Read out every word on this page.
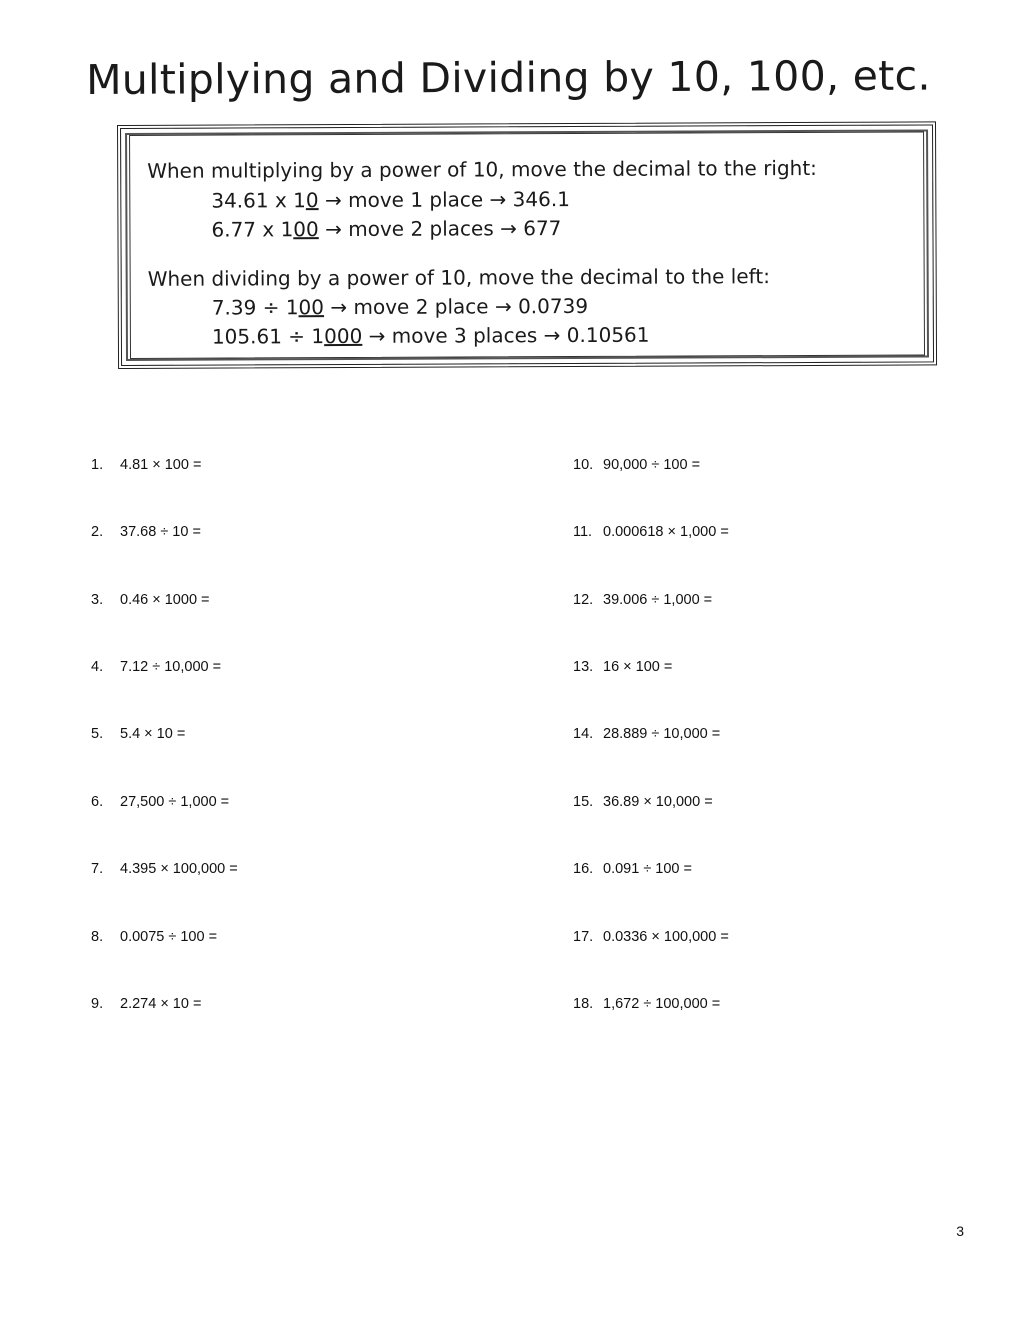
Multiplying and Dividing by 10, 100, etc.
When multiplying by a power of 10, move the decimal to the right:
34.61 x 10 → move 1 place → 346.1
6.77 x 100 → move 2 places → 677
When dividing by a power of 10, move the decimal to the left:
7.39 ÷ 100 → move 2 place → 0.0739
105.61 ÷ 1000 → move 3 places → 0.10561
1. 4.81 × 100 =
2. 37.68 ÷ 10 =
3. 0.46 × 1000 =
4. 7.12 ÷ 10,000 =
5. 5.4 × 10 =
6. 27,500 ÷ 1,000 =
7. 4.395 × 100,000 =
8. 0.0075 ÷ 100 =
9. 2.274 × 10 =
10. 90,000 ÷ 100 =
11. 0.000618 × 1,000 =
12. 39.006 ÷ 1,000 =
13. 16 × 100 =
14. 28.889 ÷ 10,000 =
15. 36.89 × 10,000 =
16. 0.091 ÷ 100 =
17. 0.0336 × 100,000 =
18. 1,672 ÷ 100,000 =
3
